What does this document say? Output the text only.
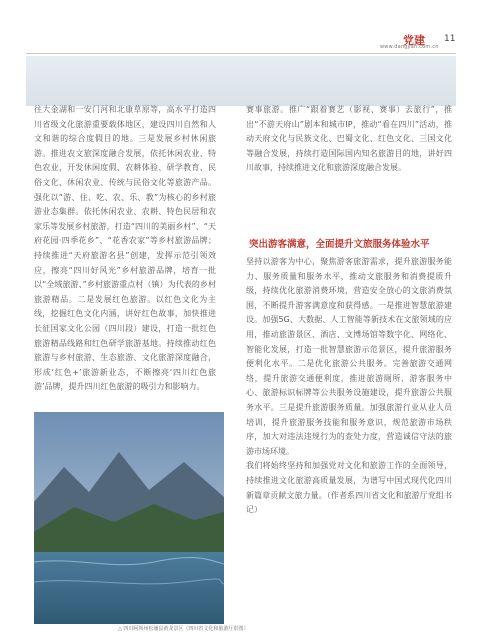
党建
www.dangjian.com.cn
11

往大金湖和一安门河和北康草原等，高水平打造四川省级文化旅游重要载体地区，建设四川自然和人文和谐的综合度假目的地。三是发展乡村休闲旅游。推进农文旅深度融合发展，依托休闲农业、特色农业，开发休闲度假、农耕体验、研学教育、民俗文化、休闲农业、传统与民俗文化等旅游产品。强化以“游、住、吃、农、乐、教”为核心的乡村旅游业态集群。依托休闲农业、农耕、特色民居和农家乐等发展乡村旅游，打造“四川的美丽乡村”、“天府花园·四季花乡”、“花香农家”等乡村旅游品牌；持续推进“天府旅游名县”创建，发挥示范引领效应，擦亮“四川好风光”乡村旅游品牌，培育一批以“全域旅游、”乡村旅游重点村（镇）为代表的乡村旅游精品。二是发展红色旅游。以红色文化为主线，挖掘红色文化内涵，讲好红色故事，加快推进长征国家文化公园（四川段）建设，打造一批红色旅游精品线路和红色研学旅游基地。持续推动红色旅游与乡村旅游、生态旅游、文化旅游深度融合，形成‘红色+’旅游新业态，不断擦亮‘四川红色旅游’品牌，提升四川红色旅游的吸引力和影响力。

赛事旅游。推广“跟着赛艺（影视、赛事）去旅行”，推出“不游天府山”剧本和城市IP，推动“看在四川”活动，推动天府文化与民族文化、巴蜀文化、红色文化、三国文化等融合发展，持续打造国际国内知名旅游目的地，讲好四川故事，持续推进文化和旅游深度融合发展。

突出游客满意，全面提升文旅服务体验水平

坚持以游客为中心，聚焦游客旅游需求，提升旅游服务能力、服务质量和服务水平，推动文旅服务和消费提质升级，持续优化旅游消费环境，营造安全放心的文旅消费氛围，不断提升游客满意度和获得感。一是推进智慧旅游建设。加强5G、大数据、人工智能等新技术在文旅领域的应用，推动旅游景区、酒店、文博场馆等数字化、网络化、智能化发展，打造一批智慧旅游示范景区，提升旅游服务便利化水平。二是优化旅游公共服务。完善旅游交通网络，提升旅游交通便利度，推进旅游厕所、游客服务中心、旅游标识标牌等公共服务设施建设，提升旅游公共服务水平。三是提升旅游服务质量。加强旅游行业从业人员培训，提升旅游服务技能和服务意识，规范旅游市场秩序，加大对违法违规行为的查处力度，营造诚信守法的旅游市场环境。

我们将始终坚持和加强党对文化和旅游工作的全面领导，持续推进文化旅游高质量发展，为谱写中国式现代化四川新篇章贡献文旅力量。（作者系四川省文化和旅游厅党组书记）

△ 四川阿坝州松潘县黄龙景区（四川省文化和旅游厅供图）
